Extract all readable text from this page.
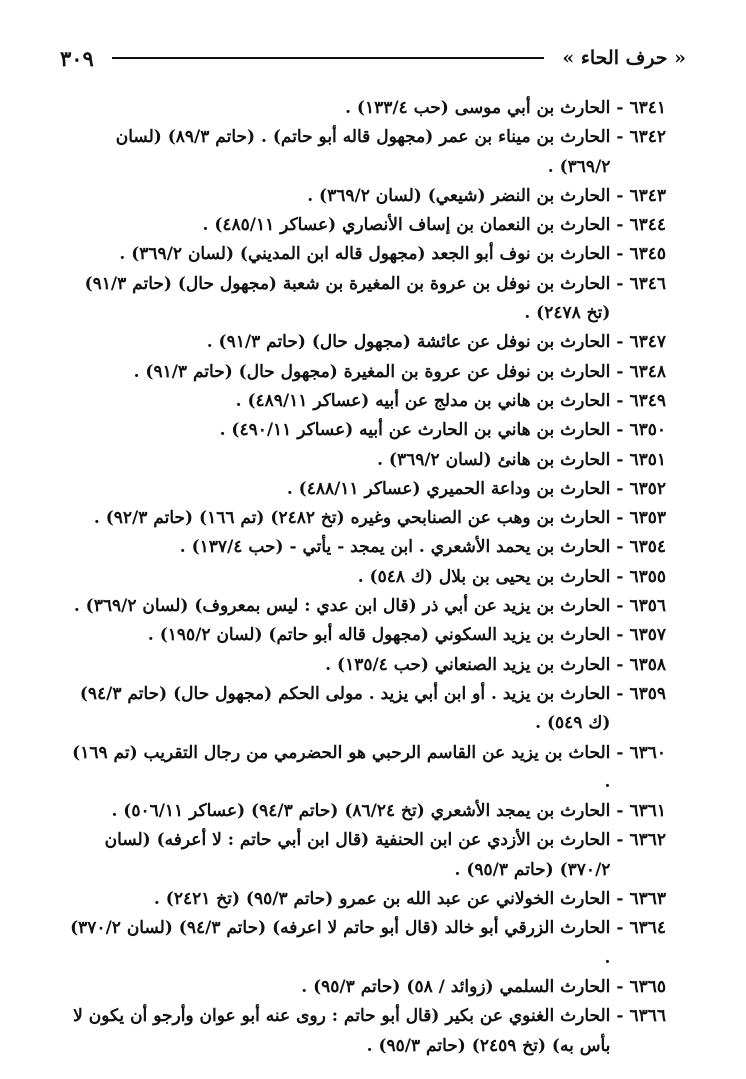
« حرف الحاء »
٣٠٩
٦٣٤١
-
الحارث بن أبي موسى (حب ١٣٣/٤) .
٦٣٤٢
-
الحارث بن ميناء بن عمر (مجهول قاله أبو حاتم) . (حاتم ٨٩/٣) (لسان ٣٦٩/٢) .
٦٣٤٣
-
الحارث بن النضر (شيعي) (لسان ٣٦٩/٢) .
٦٣٤٤
-
الحارث بن النعمان بن إساف الأنصاري (عساكر ٤٨٥/١١) .
٦٣٤٥
-
الحارث بن نوف أبو الجعد (مجهول قاله ابن المديني) (لسان ٣٦٩/٢) .
٦٣٤٦
-
الحارث بن نوفل بن عروة بن المغيرة بن شعبة (مجهول حال) (حاتم ٩١/٣) (تخ ٢٤٧٨) .
٦٣٤٧
-
الحارث بن نوفل عن عائشة (مجهول حال) (حاتم ٩١/٣) .
٦٣٤٨
-
الحارث بن نوفل عن عروة بن المغيرة (مجهول حال) (حاتم ٩١/٣) .
٦٣٤٩
-
الحارث بن هاني بن مدلج عن أبيه (عساكر ٤٨٩/١١) .
٦٣٥٠
-
الحارث بن هاني بن الحارث عن أبيه (عساكر ٤٩٠/١١) .
٦٣٥١
-
الحارث بن هانئ (لسان ٣٦٩/٢) .
٦٣٥٢
-
الحارث بن وداعة الحميري (عساكر ٤٨٨/١١) .
٦٣٥٣
-
الحارث بن وهب عن الصنابحي وغيره (تخ ٢٤٨٢) (تم ١٦٦) (حاتم ٩٢/٣) .
٦٣٥٤
-
الحارث بن يحمد الأشعري . ابن يمجد - يأتي - (حب ١٣٧/٤) .
٦٣٥٥
-
الحارث بن يحيى بن بلال (ك ٥٤٨) .
٦٣٥٦
-
الحارث بن يزيد عن أبي ذر (قال ابن عدي : ليس بمعروف) (لسان ٣٦٩/٢) .
٦٣٥٧
-
الحارث بن يزيد السكوني (مجهول قاله أبو حاتم) (لسان ١٩٥/٢) .
٦٣٥٨
-
الحارث بن يزيد الصنعاني (حب ١٣٥/٤) .
٦٣٥٩
-
الحارث بن يزيد . أو ابن أبي يزيد . مولى الحكم (مجهول حال) (حاتم ٩٤/٣) (ك ٥٤٩) .
٦٣٦٠
-
الحاث بن يزيد عن القاسم الرحبي هو الحضرمي من رجال التقريب (تم ١٦٩) .
٦٣٦١
-
الحارث بن يمجد الأشعري (تخ ٨٦/٢٤) (حاتم ٩٤/٣) (عساكر ٥٠٦/١١) .
٦٣٦٢
-
الحارث بن الأزدي عن ابن الحنفية (قال ابن أبي حاتم : لا أعرفه) (لسان ٣٧٠/٢) (حاتم ٩٥/٣) .
٦٣٦٣
-
الحارث الخولاني عن عبد الله بن عمرو (حاتم ٩٥/٣) (تخ ٢٤٢١) .
٦٣٦٤
-
الحارث الزرقي أبو خالد (قال أبو حاتم لا اعرفه) (حاتم ٩٤/٣) (لسان ٣٧٠/٢) .
٦٣٦٥
-
الحارث السلمي (زوائد / ٥٨) (حاتم ٩٥/٣) .
٦٣٦٦
-
الحارث الغنوي عن بكير (قال أبو حاتم : روى عنه أبو عوان وأرجو أن يكون لا بأس به) (تخ ٢٤٥٩) (حاتم ٩٥/٣) .
